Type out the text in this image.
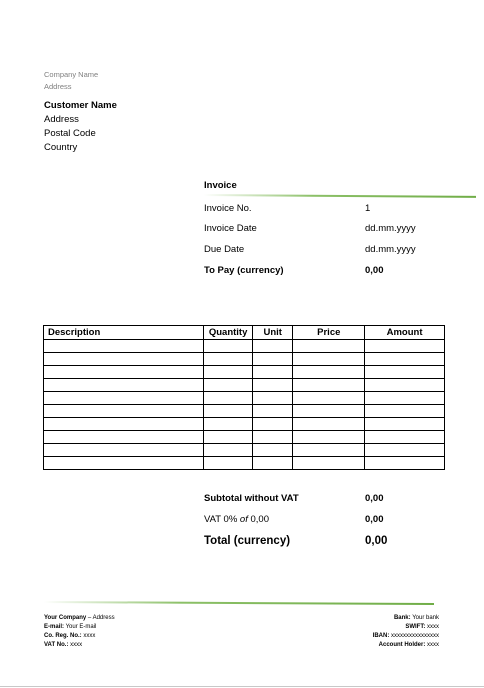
Company Name
Address
Customer Name
Address
Postal Code
Country
Invoice
Invoice No.	1
Invoice Date	dd.mm.yyyy
Due Date	dd.mm.yyyy
To Pay (currency)	0,00
Description	Quantity	Unit	Price	Amount

Subtotal without VAT	0,00
VAT 0% of 0,00	0,00
Total (currency)	0,00
Your Company – Address
E-mail: Your E-mail
Co. Reg. No.: xxxx
VAT No.: xxxx
Bank: Your bank
SWIFT: xxxx
IBAN: xxxxxxxxxxxxxxxx
Account Holder: xxxx
